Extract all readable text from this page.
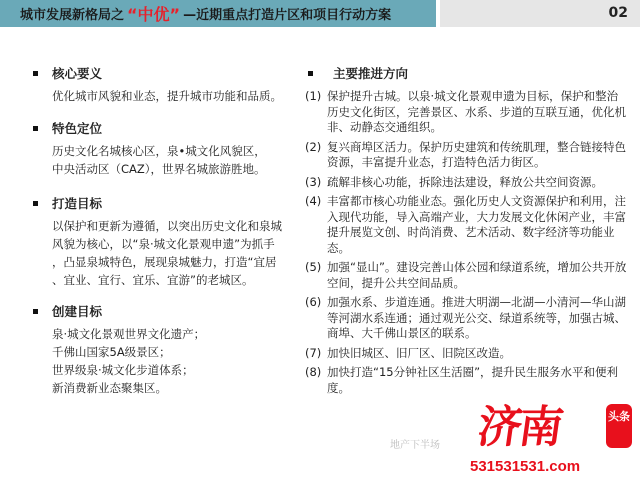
城市发展新格局之 “中优” —近期重点打造片区和项目行动方案	02
核心要义
优化城市风貌和业态，提升城市功能和品质。
特色定位
历史文化名城核心区，泉•城文化风貌区，
中央活动区（CAZ），世界名城旅游胜地。
打造目标
以保护和更新为遵循，以突出历史文化和泉城
风貌为核心，以“泉·城文化景观申遗”为抓手
，凸显泉城特色，展现泉城魅力，打造“宜居
、宜业、宜行、宜乐、宜游”的老城区。
创建目标
泉·城文化景观世界文化遗产；
千佛山国家5A级景区；
世界级泉·城文化步道体系；
新消费新业态聚集区。
主要推进方向
(1) 保护提升古城。以泉·城文化景观申遗为目标，保护和整治历史文化街区，完善景区、水系、步道的互联互通，优化机非、动静态交通组织。
(2) 复兴商埠区活力。保护历史建筑和传统肌理，整合链接特色资源，丰富提升业态，打造特色活力街区。
(3) 疏解非核心功能，拆除违法建设，释放公共空间资源。
(4) 丰富都市核心功能业态。强化历史人文资源保护和利用，注入现代功能，导入高端产业，大力发展文化休闲产业，丰富提升展览文创、时尚消费、艺术活动、数字经济等功能业态。
(5) 加强“显山”。建设完善山体公园和绿道系统，增加公共开放空间，提升公共空间品质。
(6) 加强水系、步道连通。推进大明湖—北湖—小清河—华山湖等河湖水系连通；通过观光公交、绿道系统等，加强古城、商埠、大千佛山景区的联系。
(7) 加快旧城区、旧厂区、旧院区改造。
(8) 加快打造“15分钟社区生活圈”，提升民生服务水平和便利度。
济南	头条
地产下半场
531531531.com
